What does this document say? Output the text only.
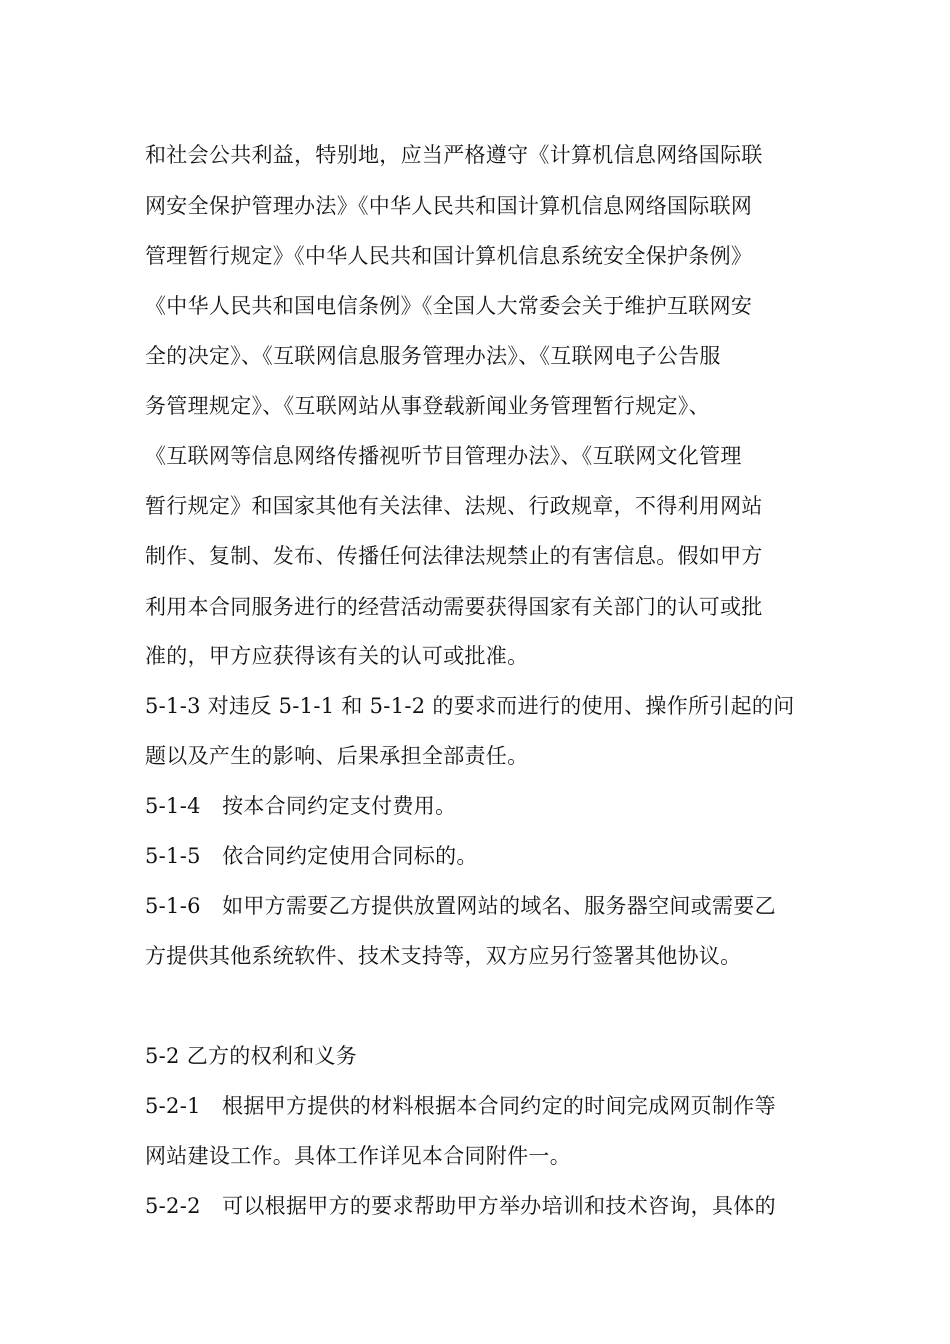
和社会公共利益，特别地，应当严格遵守《计算机信息网络国际联
网安全保护管理办法》《中华人民共和国计算机信息网络国际联网
管理暂行规定》《中华人民共和国计算机信息系统安全保护条例》
《中华人民共和国电信条例》《全国人大常委会关于维护互联网安
全的决定》、《互联网信息服务管理办法》、《互联网电子公告服
务管理规定》、《互联网站从事登载新闻业务管理暂行规定》、
《互联网等信息网络传播视听节目管理办法》、《互联网文化管理
暂行规定》和国家其他有关法律、法规、行政规章，不得利用网站
制作、复制、发布、传播任何法律法规禁止的有害信息。假如甲方
利用本合同服务进行的经营活动需要获得国家有关部门的认可或批
准的，甲方应获得该有关的认可或批准。
5-1-3 对违反 5-1-1 和 5-1-2 的要求而进行的使用、操作所引起的问
题以及产生的影响、后果承担全部责任。
5-1-4　按本合同约定支付费用。
5-1-5　依合同约定使用合同标的。
5-1-6　如甲方需要乙方提供放置网站的域名、服务器空间或需要乙
方提供其他系统软件、技术支持等，双方应另行签署其他协议。
5-2 乙方的权利和义务
5-2-1　根据甲方提供的材料根据本合同约定的时间完成网页制作等
网站建设工作。具体工作详见本合同附件一。
5-2-2　可以根据甲方的要求帮助甲方举办培训和技术咨询，具体的
